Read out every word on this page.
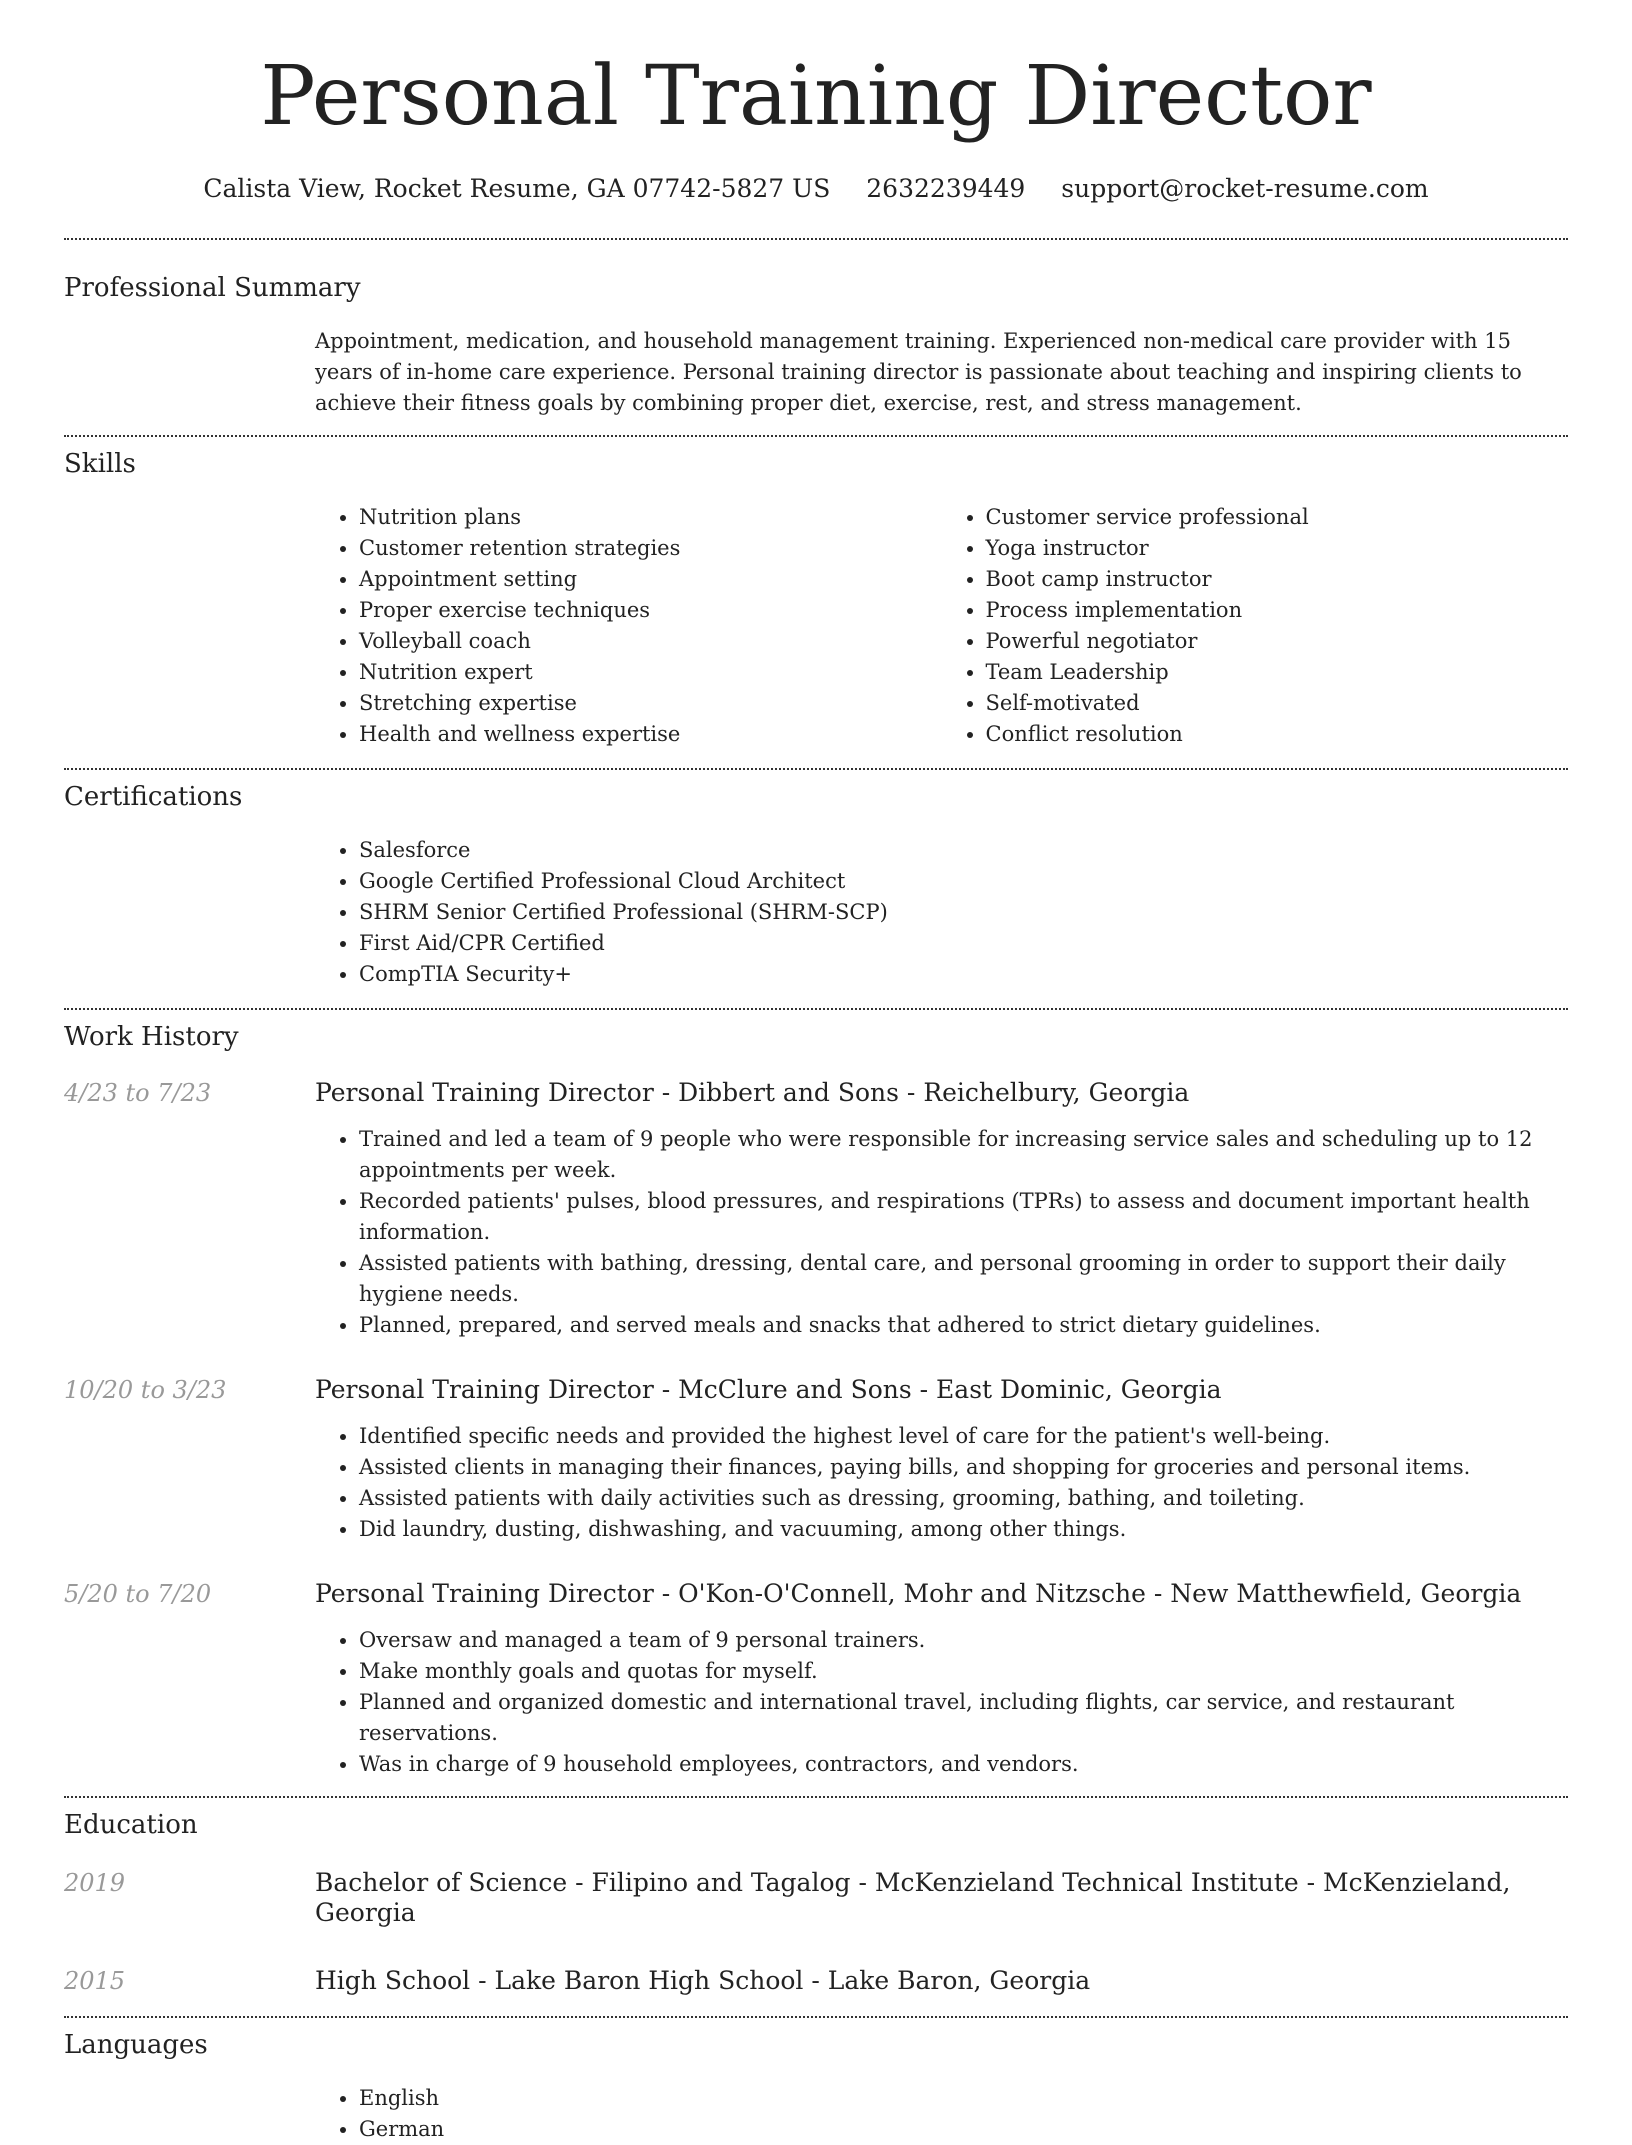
Personal Training Director
Calista View, Rocket Resume, GA 07742-5827 US 2632239449 support@rocket-resume.com
Professional Summary

Appointment, medication, and household management training. Experienced non-medical care provider with 15 years of in-home care experience. Personal training director is passionate about teaching and inspiring clients to achieve their fitness goals by combining proper diet, exercise, rest, and stress management.

Skills
• Nutrition plans
• Customer retention strategies
• Appointment setting
• Proper exercise techniques
• Volleyball coach
• Nutrition expert
• Stretching expertise
• Health and wellness expertise
• Customer service professional
• Yoga instructor
• Boot camp instructor
• Process implementation
• Powerful negotiator
• Team Leadership
• Self-motivated
• Conflict resolution
Certifications
• Salesforce
• Google Certified Professional Cloud Architect
• SHRM Senior Certified Professional (SHRM-SCP)
• First Aid/CPR Certified
• CompTIA Security+
Work History
4/23 to 7/23	Personal Training Director - Dibbert and Sons - Reichelbury, Georgia
• Trained and led a team of 9 people who were responsible for increasing service sales and scheduling up to 12 appointments per week.
• Recorded patients' pulses, blood pressures, and respirations (TPRs) to assess and document important health information.
• Assisted patients with bathing, dressing, dental care, and personal grooming in order to support their daily hygiene needs.
• Planned, prepared, and served meals and snacks that adhered to strict dietary guidelines.
10/20 to 3/23	Personal Training Director - McClure and Sons - East Dominic, Georgia
• Identified specific needs and provided the highest level of care for the patient's well-being.
• Assisted clients in managing their finances, paying bills, and shopping for groceries and personal items.
• Assisted patients with daily activities such as dressing, grooming, bathing, and toileting.
• Did laundry, dusting, dishwashing, and vacuuming, among other things.
5/20 to 7/20	Personal Training Director - O'Kon-O'Connell, Mohr and Nitzsche - New Matthewfield, Georgia
• Oversaw and managed a team of 9 personal trainers.
• Make monthly goals and quotas for myself.
• Planned and organized domestic and international travel, including flights, car service, and restaurant reservations.
• Was in charge of 9 household employees, contractors, and vendors.
Education
2019	Bachelor of Science - Filipino and Tagalog - McKenzieland Technical Institute - McKenzieland, Georgia
2015	High School - Lake Baron High School - Lake Baron, Georgia
Languages
• English
• German
